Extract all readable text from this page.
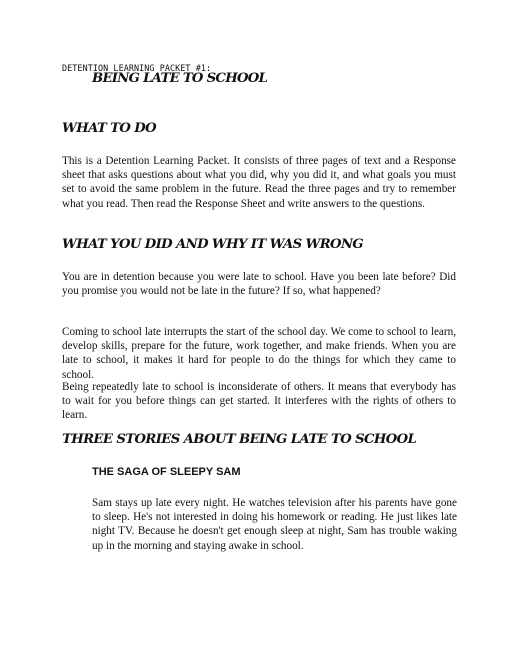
DETENTION LEARNING PACKET #1:
BEING LATE TO SCHOOL
WHAT TO DO

This is a Detention Learning Packet. It consists of three pages of text and a Response sheet that asks questions about what you did, why you did it, and what goals you must set to avoid the same problem in the future. Read the three pages and try to remember what you read. Then read the Response Sheet and write answers to the questions.

WHAT YOU DID AND WHY IT WAS WRONG

You are in detention because you were late to school. Have you been late before? Did you promise you would not be late in the future? If so, what happened?

Coming to school late interrupts the start of the school day. We come to school to learn, develop skills, prepare for the future, work together, and make friends. When you are late to school, it makes it hard for people to do the things for which they came to school.

Being repeatedly late to school is inconsiderate of others. It means that everybody has to wait for you before things can get started. It interferes with the rights of others to learn.

THREE STORIES ABOUT BEING LATE TO SCHOOL
THE SAGA OF SLEEPY SAM

Sam stays up late every night. He watches television after his parents have gone to sleep. He's not interested in doing his homework or reading. He just likes late night TV. Because he doesn't get enough sleep at night, Sam has trouble waking up in the morning and staying awake in school.
